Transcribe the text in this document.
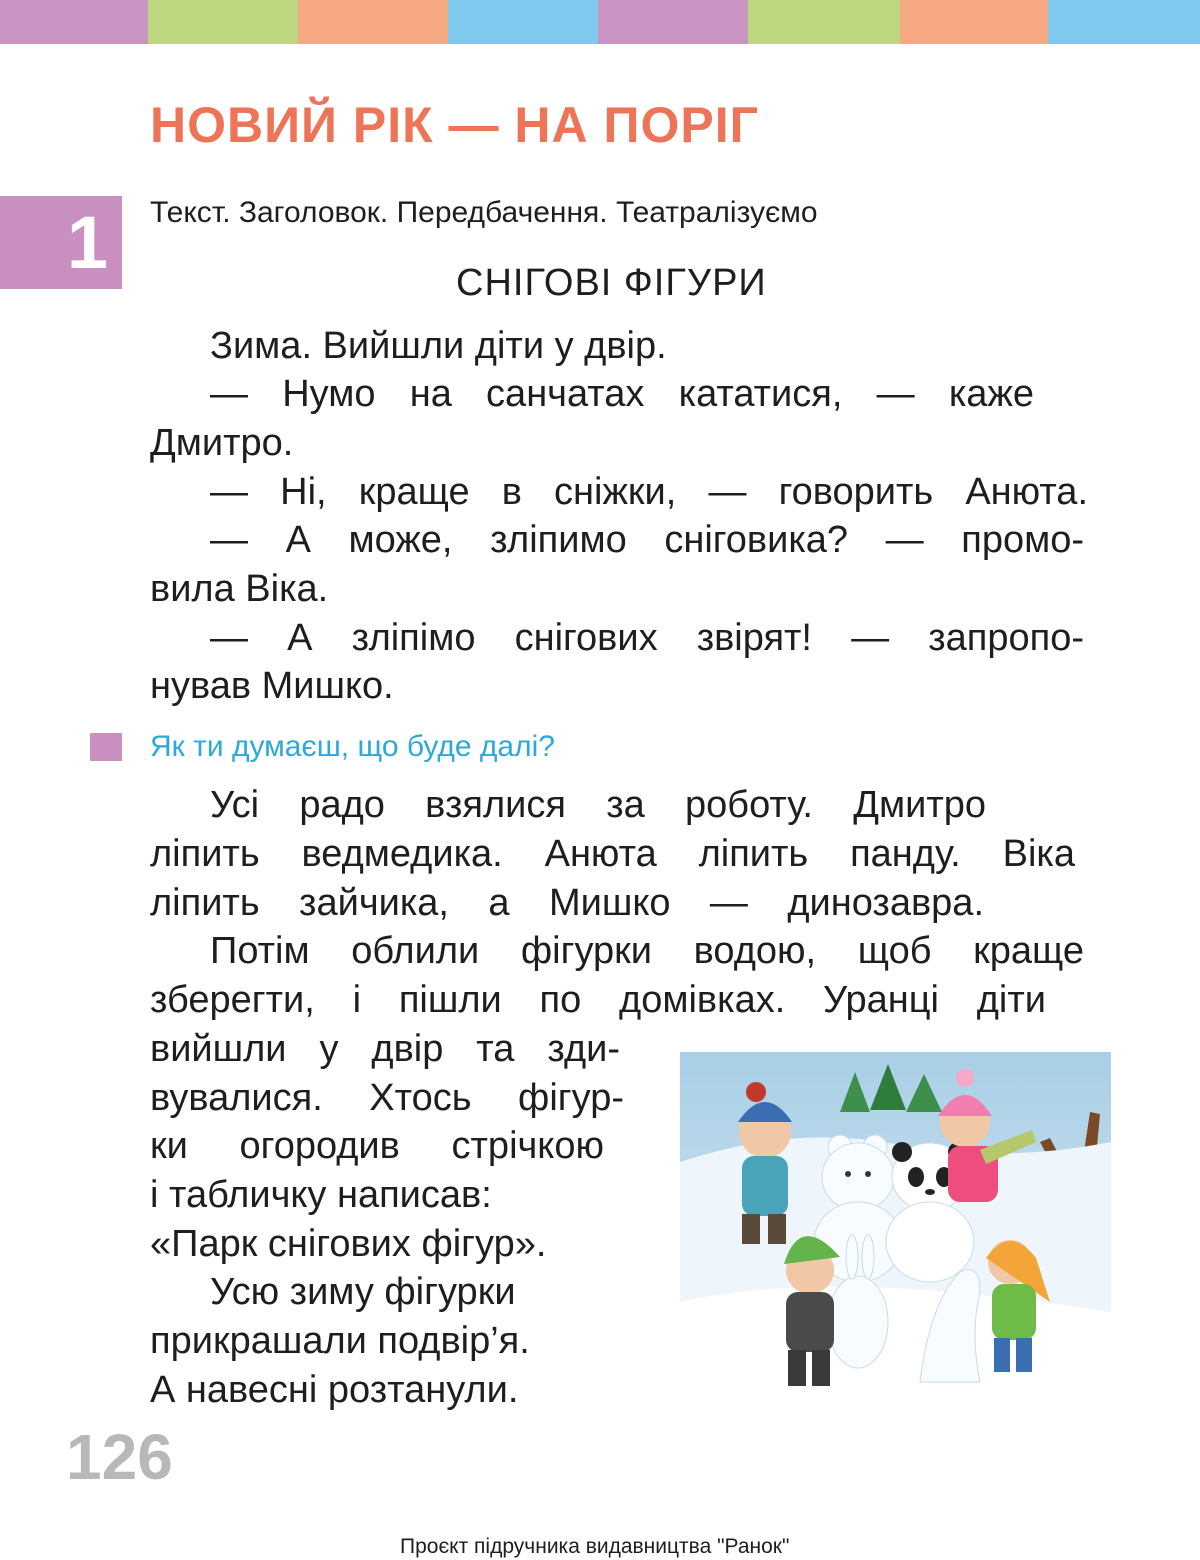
НОВИЙ РІК — НА ПОРІГ
1	Текст. Заголовок. Передбачення. Театралізуємо
СНІГОВІ ФІГУРИ
Зима. Вийшли діти у двір.
— Нумо на санчатах кататися, — каже
Дмитро.
— Ні, краще в сніжки, — говорить Анюта.
— А може, зліпимо сніговика? — промо-
вила Віка.
— А зліпімо снігових звірят! — запропо-
нував Мишко.
Як ти думаєш, що буде далі?
Усі радо взялися за роботу. Дмитро
ліпить ведмедика. Анюта ліпить панду. Віка
ліпить зайчика, а Мишко — динозавра.
Потім облили фігурки водою, щоб краще
зберегти, і пішли по домівках. Уранці діти
вийшли у двір та зди-
вувалися. Хтось фігур-
ки огородив стрічкою
і табличку написав:
«Парк снігових фігур».
Усю зиму фігурки
прикрашали подвір’я.
А навесні розтанули.
126
Проєкт підручника видавництва "Ранок"
